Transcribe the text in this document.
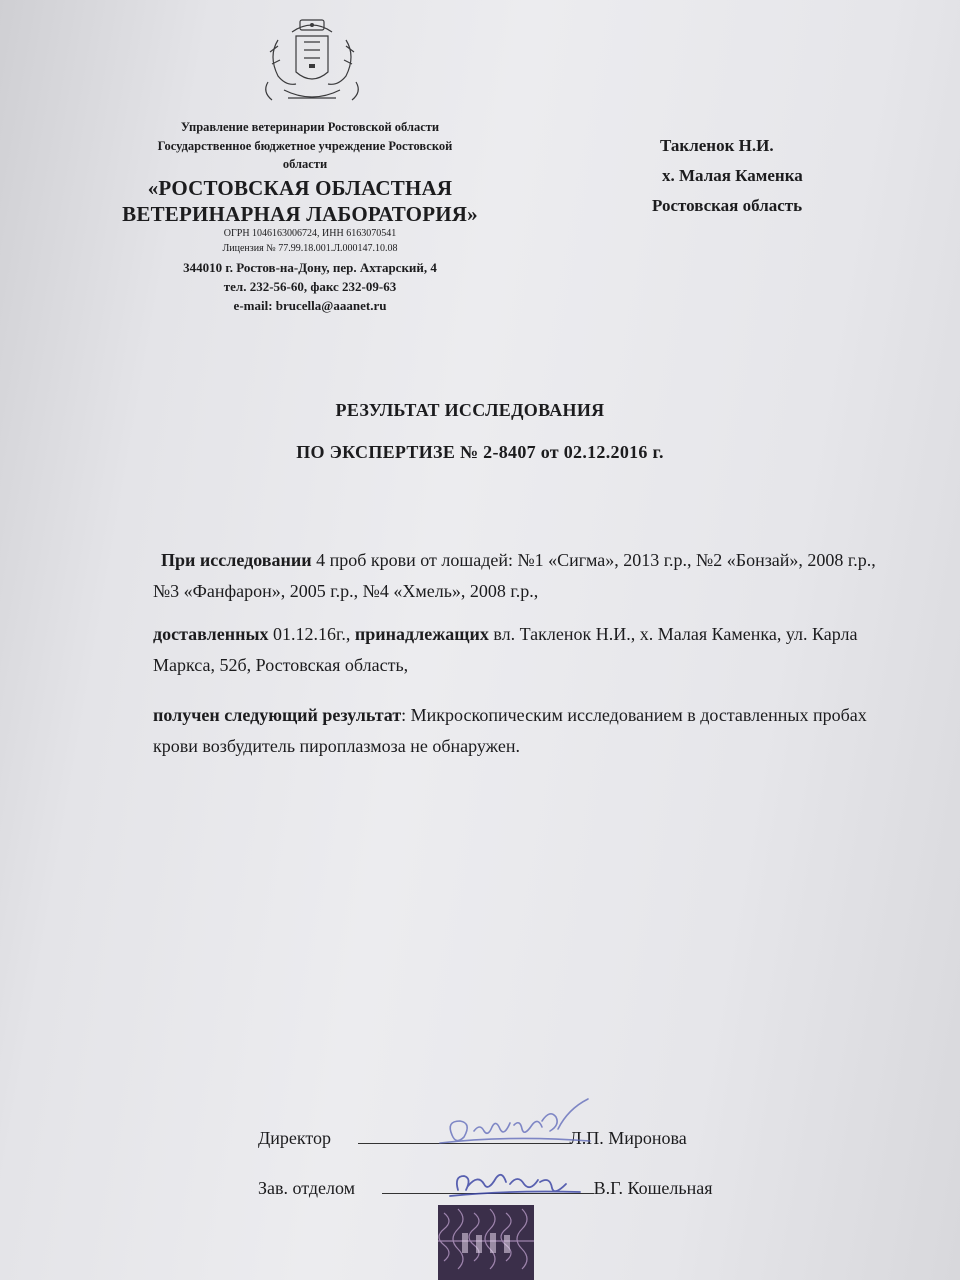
Управление ветеринарии Ростовской области
Государственное бюджетное учреждение Ростовской
области
«РОСТОВСКАЯ ОБЛАСТНАЯ
ВЕТЕРИНАРНАЯ ЛАБОРАТОРИЯ»
ОГРН 1046163006724, ИНН 6163070541
Лицензия № 77.99.18.001.Л.000147.10.08
344010 г. Ростов-на-Дону, пер. Ахтарский, 4
тел. 232-56-60, факс 232-09-63
e-mail: brucella@aaanet.ru
Такленок Н.И.
х. Малая Каменка
Ростовская область
РЕЗУЛЬТАТ ИССЛЕДОВАНИЯ
ПО ЭКСПЕРТИЗЕ № 2-8407 от 02.12.2016 г.
При исследовании 4 проб крови от лошадей: №1 «Сигма», 2013 г.р., №2 «Бонзай», 2008 г.р., №3 «Фанфарон», 2005 г.р., №4 «Хмель», 2008 г.р.,
доставленных 01.12.16г., принадлежащих вл. Такленок Н.И., х. Малая Каменка, ул. Карла Маркса, 52б, Ростовская область,
получен следующий результат: Микроскопическим исследованием в доставленных пробах крови возбудитель пироплазмоза не обнаружен.
Директор	Л.П. Миронова
Зав. отделом	В.Г. Кошельная
